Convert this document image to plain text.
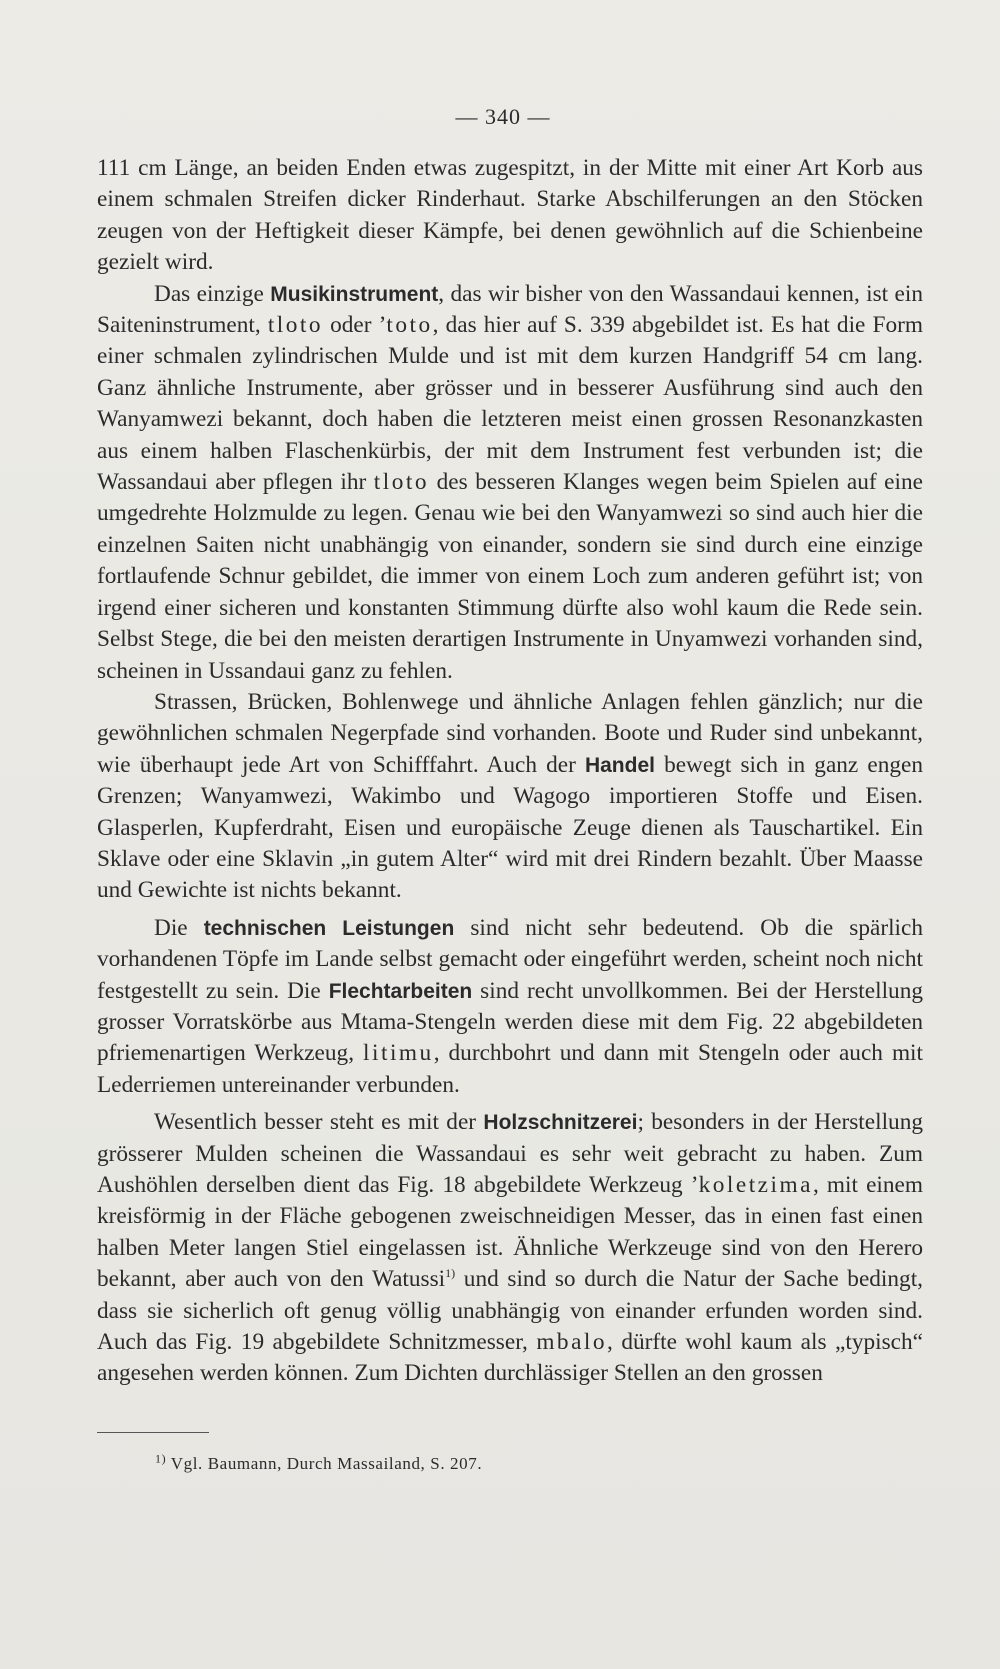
— 340 —

111 cm Länge, an beiden Enden etwas zugespitzt, in der Mitte mit einer Art Korb aus einem schmalen Streifen dicker Rinderhaut. Starke Abschilferungen an den Stöcken zeugen von der Heftigkeit dieser Kämpfe, bei denen gewöhnlich auf die Schienbeine gezielt wird.

Das einzige Musikinstrument, das wir bisher von den Wassandaui kennen, ist ein Saiteninstrument, tloto oder ’toto, das hier auf S. 339 abgebildet ist. Es hat die Form einer schmalen zylindrischen Mulde und ist mit dem kurzen Handgriff 54 cm lang. Ganz ähnliche Instrumente, aber grösser und in besserer Ausführung sind auch den Wanyamwezi bekannt, doch haben die letzteren meist einen grossen Resonanzkasten aus einem halben Flaschenkürbis, der mit dem Instrument fest verbunden ist; die Wassandaui aber pflegen ihr tloto des besseren Klanges wegen beim Spielen auf eine umgedrehte Holzmulde zu legen. Genau wie bei den Wanyamwezi so sind auch hier die einzelnen Saiten nicht unabhängig von einander, sondern sie sind durch eine einzige fortlaufende Schnur gebildet, die immer von einem Loch zum anderen geführt ist; von irgend einer sicheren und konstanten Stimmung dürfte also wohl kaum die Rede sein. Selbst Stege, die bei den meisten derartigen Instrumente in Unyamwezi vorhanden sind, scheinen in Ussandaui ganz zu fehlen.

Strassen, Brücken, Bohlenwege und ähnliche Anlagen fehlen gänzlich; nur die gewöhnlichen schmalen Negerpfade sind vorhanden. Boote und Ruder sind unbekannt, wie überhaupt jede Art von Schifffahrt. Auch der Handel bewegt sich in ganz engen Grenzen; Wanyamwezi, Wakimbo und Wagogo importieren Stoffe und Eisen. Glasperlen, Kupferdraht, Eisen und europäische Zeuge dienen als Tauschartikel. Ein Sklave oder eine Sklavin „in gutem Alter“ wird mit drei Rindern bezahlt. Über Maasse und Gewichte ist nichts bekannt.

Die technischen Leistungen sind nicht sehr bedeutend. Ob die spärlich vorhandenen Töpfe im Lande selbst gemacht oder eingeführt werden, scheint noch nicht festgestellt zu sein. Die Flechtarbeiten sind recht unvollkommen. Bei der Herstellung grosser Vorratskörbe aus Mtama-Stengeln werden diese mit dem Fig. 22 abgebildeten pfriemenartigen Werkzeug, litimu, durchbohrt und dann mit Stengeln oder auch mit Lederriemen untereinander verbunden.

Wesentlich besser steht es mit der Holzschnitzerei; besonders in der Herstellung grösserer Mulden scheinen die Wassandaui es sehr weit gebracht zu haben. Zum Aushöhlen derselben dient das Fig. 18 abgebildete Werkzeug ’koletzima, mit einem kreisförmig in der Fläche gebogenen zweischneidigen Messer, das in einen fast einen halben Meter langen Stiel eingelassen ist. Ähnliche Werkzeuge sind von den Herero bekannt, aber auch von den Watussi$^{1)}$ und sind so durch die Natur der Sache bedingt, dass sie sicherlich oft genug völlig unabhängig von einander erfunden worden sind. Auch das Fig. 19 abgebildete Schnitzmesser, mbalo, dürfte wohl kaum als „typisch“ angesehen werden können. Zum Dichten durchlässiger Stellen an den grossen

$^{1)}$ Vgl. Baumann, Durch Massailand, S. 207.
